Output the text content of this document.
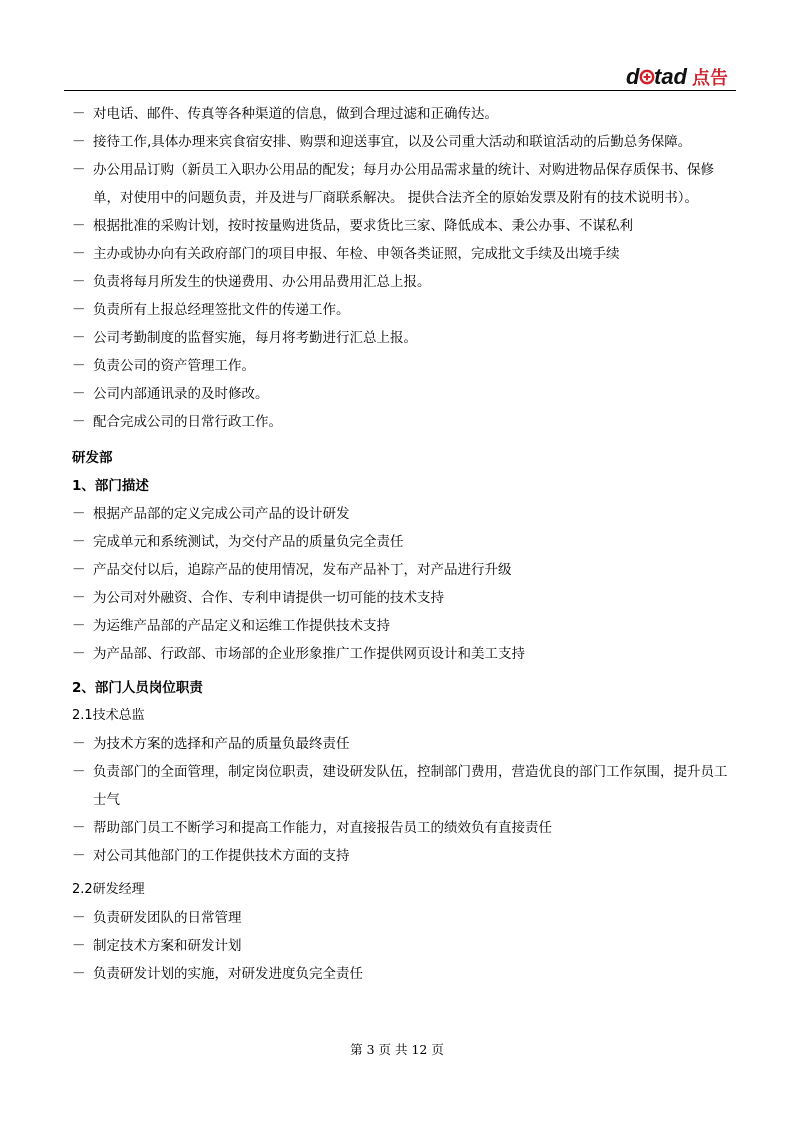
d tad 点告
－ 对电话、邮件、传真等各种渠道的信息，做到合理过滤和正确传达。
－ 接待工作,具体办理来宾食宿安排、购票和迎送事宜，以及公司重大活动和联谊活动的后勤总务保障。
－ 办公用品订购（新员工入职办公用品的配发；每月办公用品需求量的统计、对购进物品保存质保书、保修单，对使用中的问题负责，并及进与厂商联系解决。 提供合法齐全的原始发票及附有的技术说明书）。
－ 根据批准的采购计划，按时按量购进货品，要求货比三家、降低成本、秉公办事、不谋私利
－ 主办或协办向有关政府部门的项目申报、年检、申领各类证照，完成批文手续及出境手续
－ 负责将每月所发生的快递费用、办公用品费用汇总上报。
－ 负责所有上报总经理签批文件的传递工作。
－ 公司考勤制度的监督实施，每月将考勤进行汇总上报。
－ 负责公司的资产管理工作。
－ 公司内部通讯录的及时修改。
－ 配合完成公司的日常行政工作。
研发部
1、部门描述
－ 根据产品部的定义完成公司产品的设计研发
－ 完成单元和系统测试，为交付产品的质量负完全责任
－ 产品交付以后，追踪产品的使用情况，发布产品补丁，对产品进行升级
－ 为公司对外融资、合作、专利申请提供一切可能的技术支持
－ 为运维产品部的产品定义和运维工作提供技术支持
－ 为产品部、行政部、市场部的企业形象推广工作提供网页设计和美工支持
2、部门人员岗位职责
2.1技术总监
－ 为技术方案的选择和产品的质量负最终责任
－ 负责部门的全面管理，制定岗位职责，建设研发队伍，控制部门费用，营造优良的部门工作氛围，提升员工士气
－ 帮助部门员工不断学习和提高工作能力，对直接报告员工的绩效负有直接责任
－ 对公司其他部门的工作提供技术方面的支持
2.2研发经理
－ 负责研发团队的日常管理
－ 制定技术方案和研发计划
－ 负责研发计划的实施，对研发进度负完全责任
第 3 页 共 12 页
